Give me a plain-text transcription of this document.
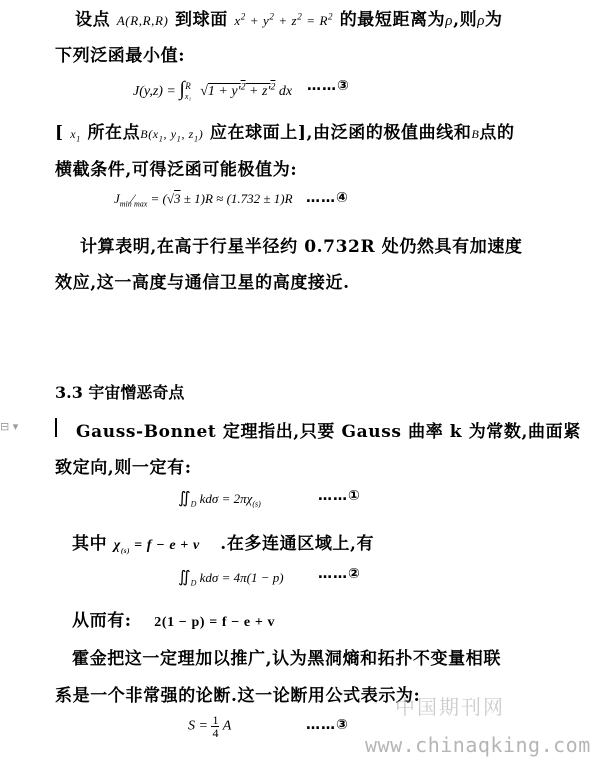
设点 A(R,R,R) 到球面 $x^2 + y^2 + z^2 = R^2$ 的最短距离为ρ,则ρ为
下列泛函最小值:
$J(y,z) = \int_{x_1}^R$ $√1 + y'^2 + z'^2$ dx ……③
[ $x_1$ 所在点$B(x_1$, $y_1$, $z_1$) 应在球面上],由泛函的极值曲线和B点的
横截条件,可得泛函可能极值为:
$J_{min}⁄_{max} = (√3 \pm 1)R \approx (1.732 \pm 1)R$ ……④
计算表明,在高于行星半径约 0.732R 处仍然具有加速度
效应,这一高度与通信卫星的高度接近.
3.3 宇宙憎恶奇点
⊟ ▾	Gauss-Bonnet 定理指出,只要 Gauss 曲率 k 为常数,曲面紧
致定向,则一定有:
$∬_D$ $kd\sigma = 2\pi\chi_{(s)}$
……①
其中 $\chi_{(s)} = f - e + v$ .在多连通区域上,有
$∬_D$ kdσ = 4π(1 − p) ……②
从而有: 2(1 − p) = f − e + v
霍金把这一定理加以推广,认为黑洞熵和拓扑不变量相联
系是一个非常强的论断.这一论断用公式表示为:
$S = \frac{1}{4}$ A	……③
中国期刊网
www.chinaqking.com
